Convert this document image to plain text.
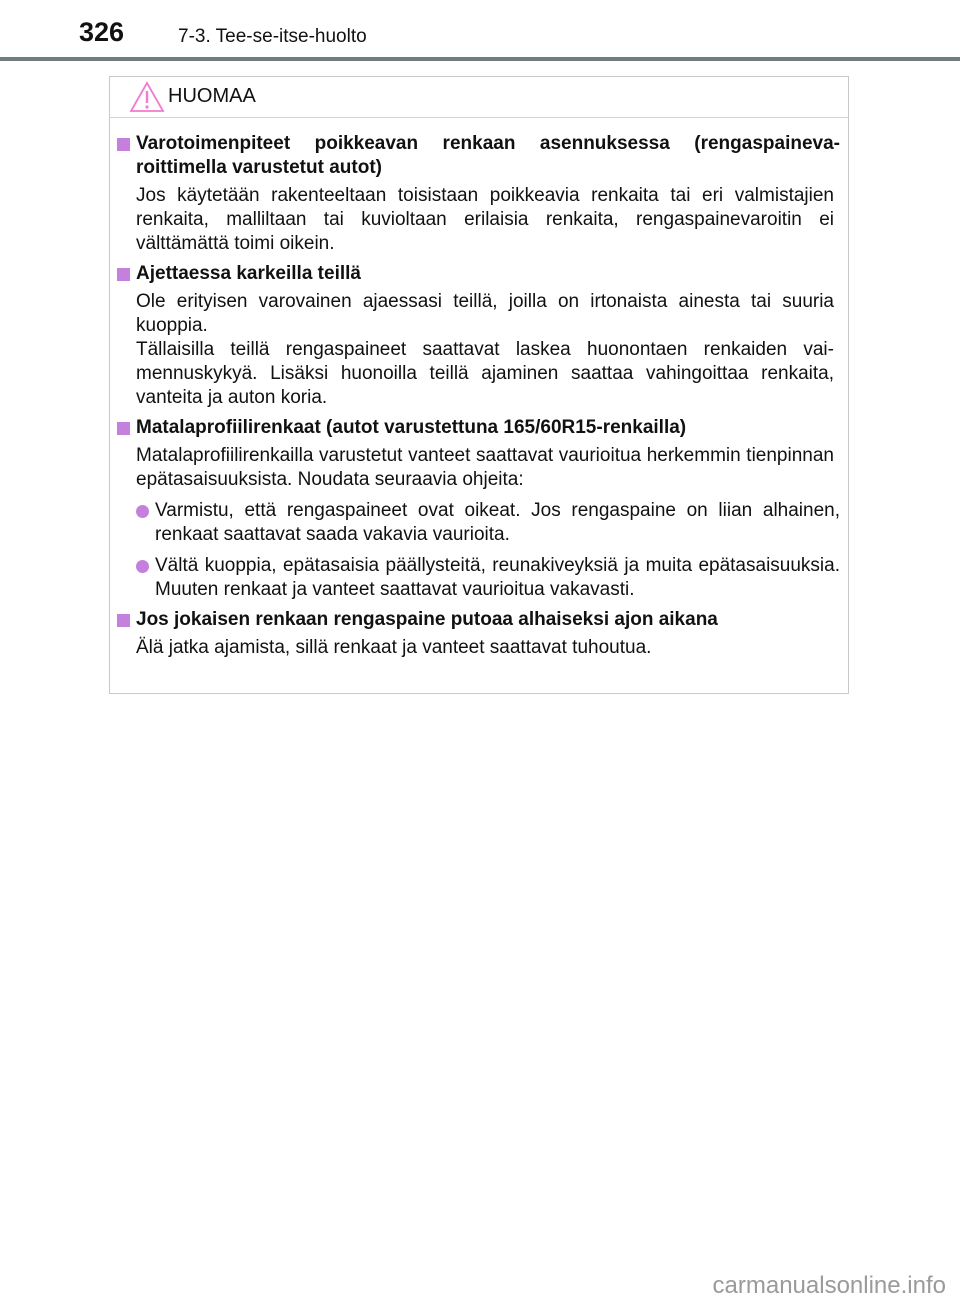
326	7-3. Tee-se-itse-huolto
HUOMAA
Varotoimenpiteet poikkeavan renkaan asennuksessa (rengaspainevaroittimella varustetut autot)
Jos käytetään rakenteeltaan toisistaan poikkeavia renkaita tai eri valmistajien renkaita, malliltaan tai kuvioltaan erilaisia renkaita, rengaspainevaroitin ei välttämättä toimi oikein.
Ajettaessa karkeilla teillä
Ole erityisen varovainen ajaessasi teillä, joilla on irtonaista ainesta tai suuria kuoppia.
Tällaisilla teillä rengaspaineet saattavat laskea huonontaen renkaiden vaimennuskykyä. Lisäksi huonoilla teillä ajaminen saattaa vahingoittaa renkaita, vanteita ja auton koria.
Matalaprofiilirenkaat (autot varustettuna 165/60R15-renkailla)
Matalaprofiilirenkailla varustetut vanteet saattavat vaurioitua herkemmin tienpinnan epätasaisuuksista. Noudata seuraavia ohjeita:
Varmistu, että rengaspaineet ovat oikeat. Jos rengaspaine on liian alhainen, renkaat saattavat saada vakavia vaurioita.
Vältä kuoppia, epätasaisia päällysteitä, reunakiveyksiä ja muita epätasaisuuksia. Muuten renkaat ja vanteet saattavat vaurioitua vakavasti.
Jos jokaisen renkaan rengaspaine putoaa alhaiseksi ajon aikana
Älä jatka ajamista, sillä renkaat ja vanteet saattavat tuhoutua.
carmanualsonline.info
